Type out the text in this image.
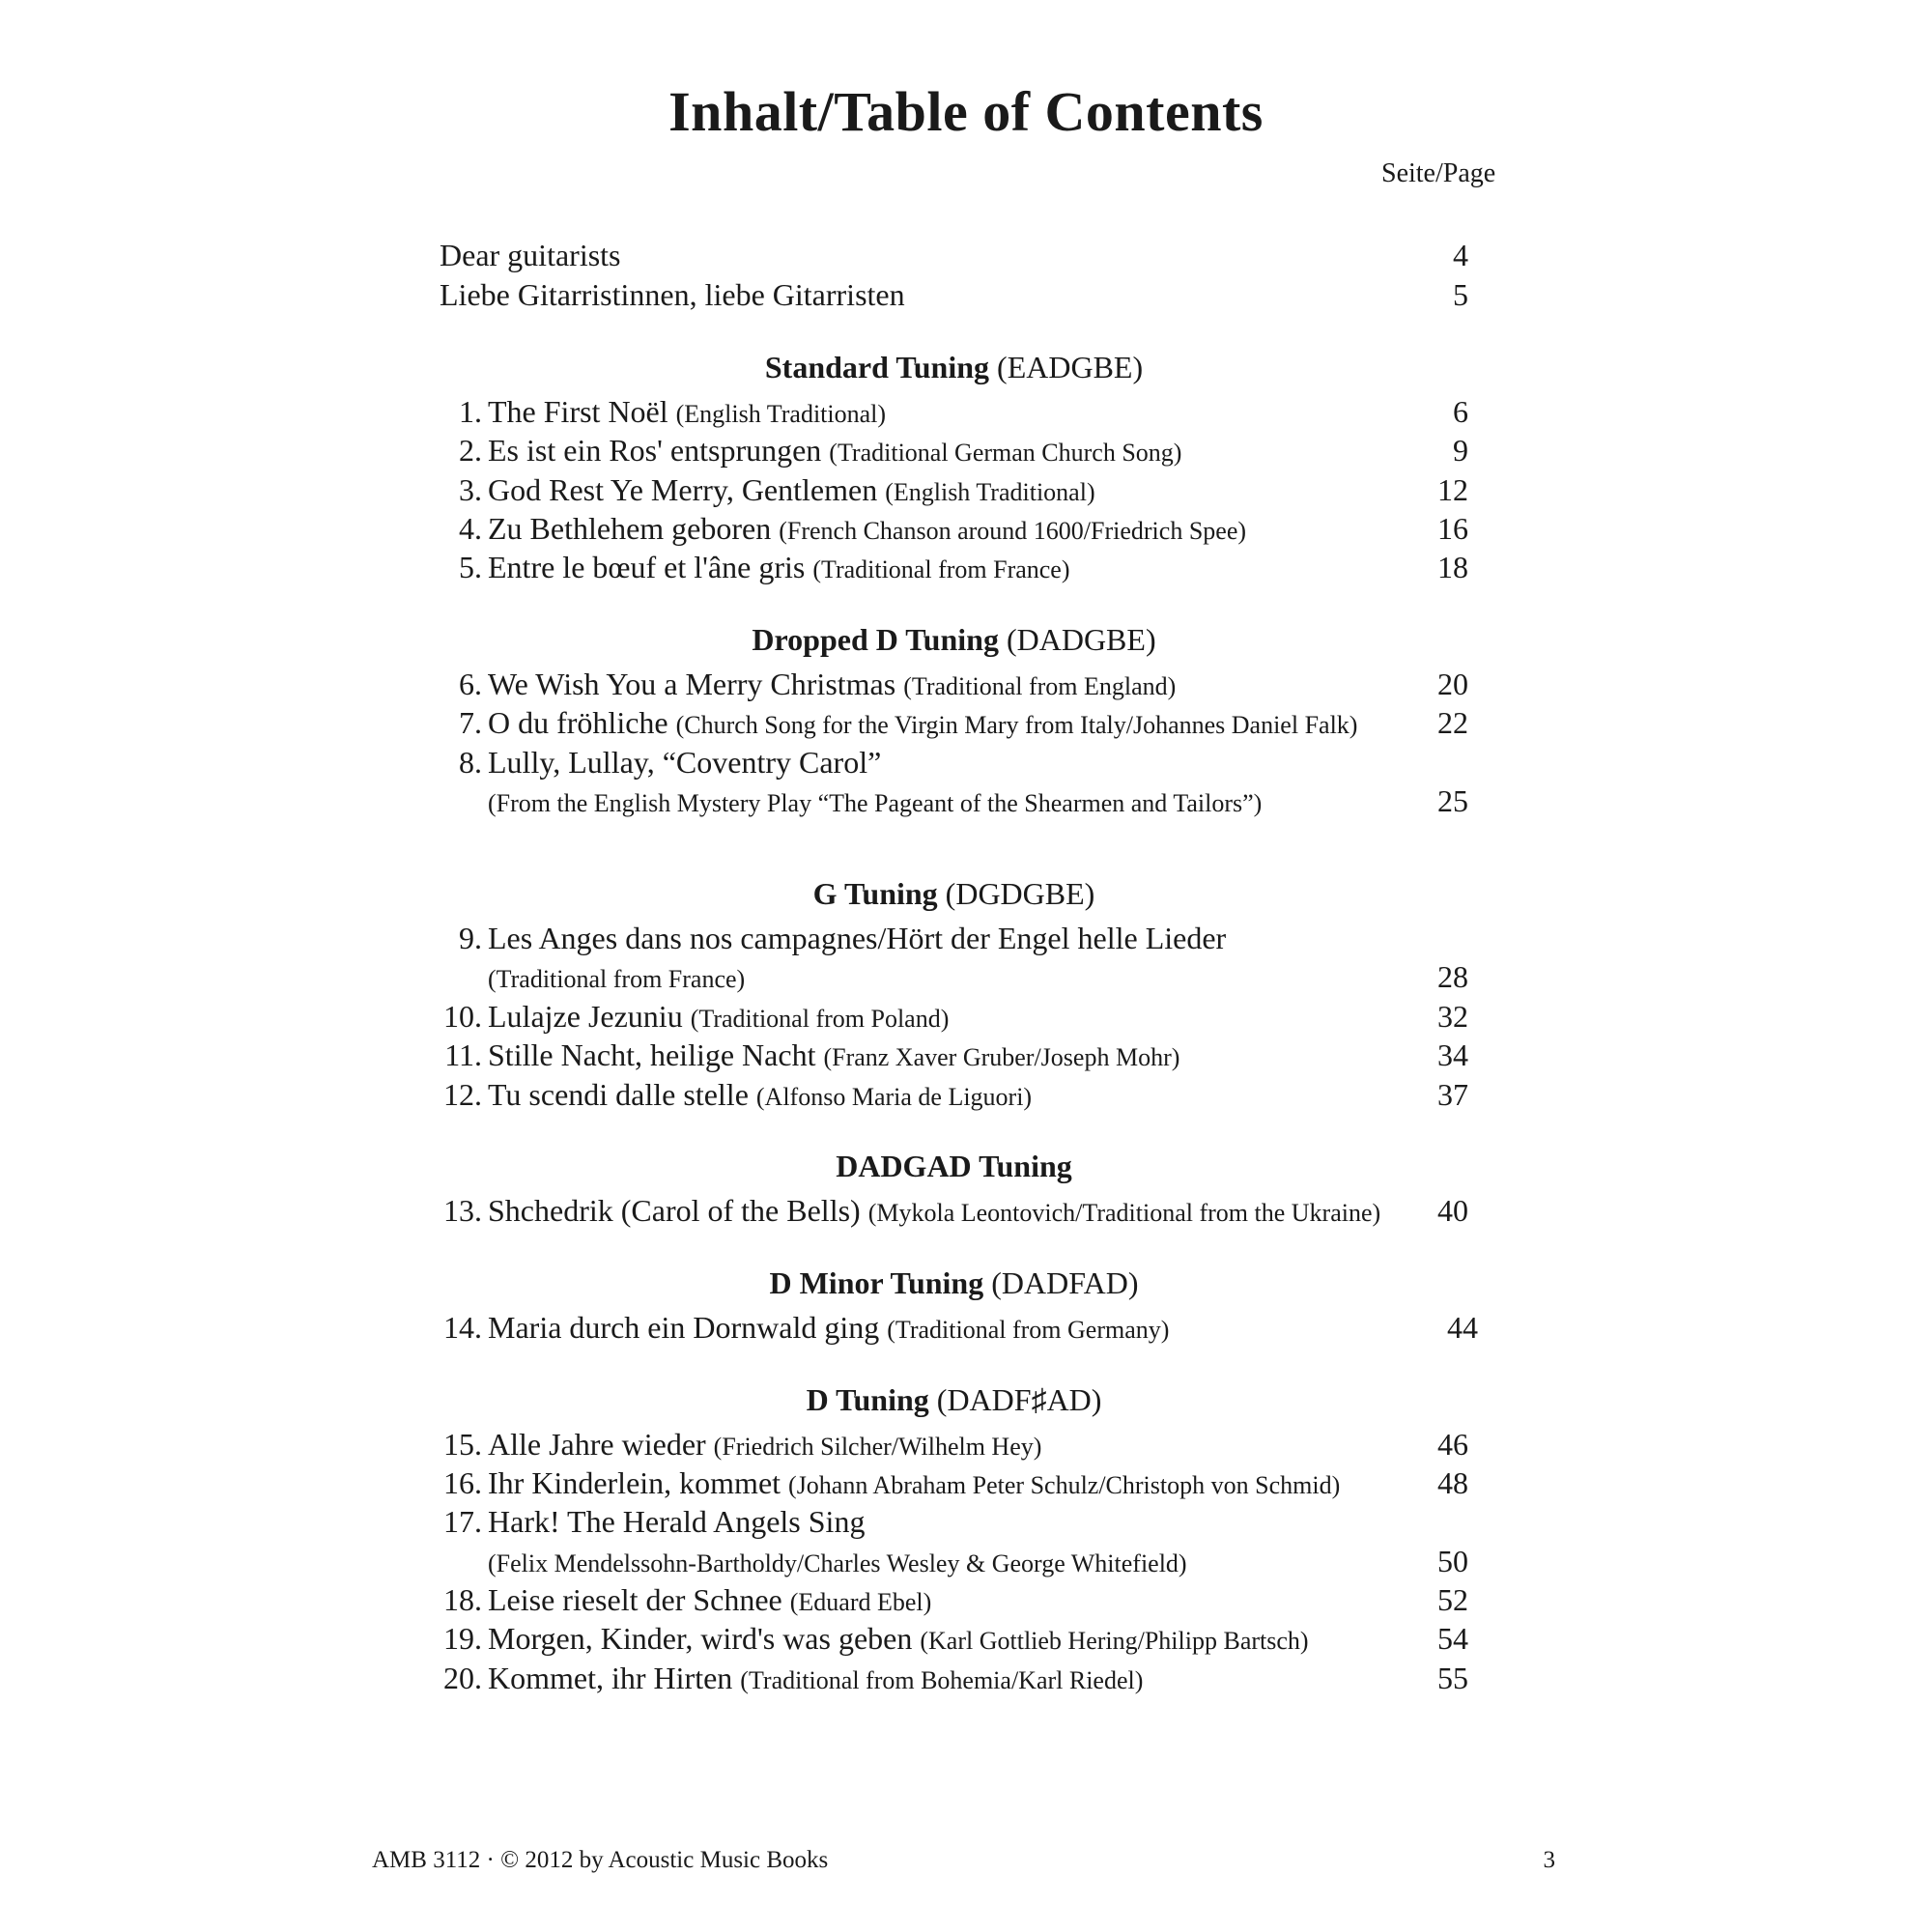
Inhalt/Table of Contents
Seite/Page
Dear guitarists	4
Liebe Gitarristinnen, liebe Gitarristen	5
Standard Tuning (EADGBE)
1. The First Noël (English Traditional)	6
2. Es ist ein Ros' entsprungen (Traditional German Church Song)	9
3. God Rest Ye Merry, Gentlemen (English Traditional)	12
4. Zu Bethlehem geboren (French Chanson around 1600/Friedrich Spee)	16
5. Entre le bœuf et l'âne gris (Traditional from France)	18
Dropped D Tuning (DADGBE)
6. We Wish You a Merry Christmas (Traditional from England)	20
7. O du fröhliche (Church Song for the Virgin Mary from Italy/Johannes Daniel Falk)	22
8. Lully, Lullay, “Coventry Carol”
(From the English Mystery Play “The Pageant of the Shearmen and Tailors”)	25
G Tuning (DGDGBE)
9. Les Anges dans nos campagnes/Hört der Engel helle Lieder
(Traditional from France)	28
10. Lulajze Jezuniu (Traditional from Poland)	32
11. Stille Nacht, heilige Nacht (Franz Xaver Gruber/Joseph Mohr)	34
12. Tu scendi dalle stelle (Alfonso Maria de Liguori)	37
DADGAD Tuning
13. Shchedrik (Carol of the Bells) (Mykola Leontovich/Traditional from the Ukraine)	40
D Minor Tuning (DADFAD)
14. Maria durch ein Dornwald ging (Traditional from Germany)	44
D Tuning (DADF♯AD)
15. Alle Jahre wieder (Friedrich Silcher/Wilhelm Hey)	46
16. Ihr Kinderlein, kommet (Johann Abraham Peter Schulz/Christoph von Schmid)	48
17. Hark! The Herald Angels Sing
(Felix Mendelssohn-Bartholdy/Charles Wesley & George Whitefield)	50
18. Leise rieselt der Schnee (Eduard Ebel)	52
19. Morgen, Kinder, wird's was geben (Karl Gottlieb Hering/Philipp Bartsch)	54
20. Kommet, ihr Hirten (Traditional from Bohemia/Karl Riedel)	55
AMB 3112 · © 2012 by Acoustic Music Books	3
